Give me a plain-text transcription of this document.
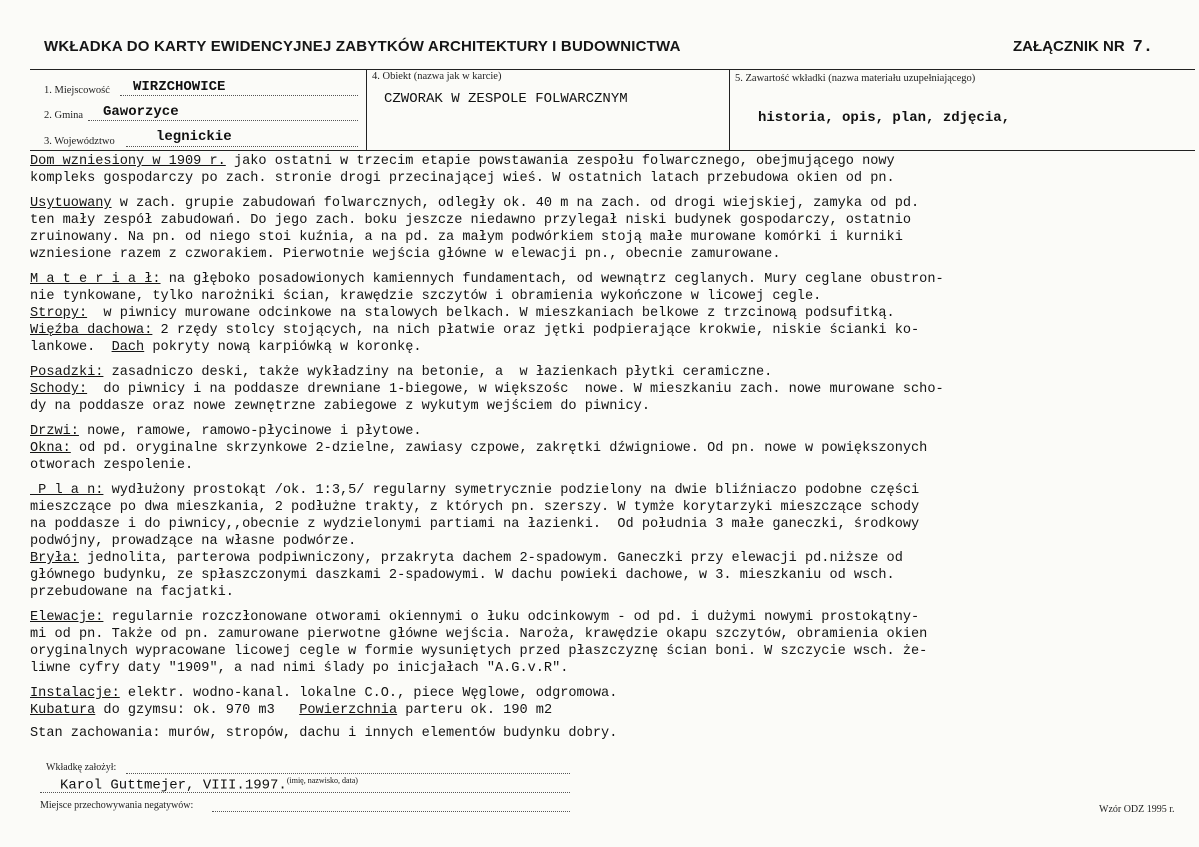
WKŁADKA DO KARTY EWIDENCYJNEJ ZABYTKÓW ARCHITEKTURY I BUDOWNICTWA	ZAŁĄCZNIK NR 7.
1. Miejscowość WIRZCHOWICE
2. Gmina Gaworzyce
3. Województwo	legnickie
4. Obiekt (nazwa jak w karcie)
CZWORAK W ZESPOLE FOLWARCZNYM
5. Zawartość wkładki (nazwa materiału uzupełniającego)
historia, opis, plan, zdjęcia,

Dom wzniesiony w 1909 r. jako ostatni w trzecim etapie powstawania zespołu folwarcznego, obejmującego nowy

kompleks gospodarczy po zach. stronie drogi przecinającej wieś. W ostatnich latach przebudowa okien od pn.

Usytuowany w zach. grupie zabudowań folwarcznych, odległy ok. 40 m na zach. od drogi wiejskiej, zamyka od pd.

ten mały zespół zabudowań. Do jego zach. boku jeszcze niedawno przylegał niski budynek gospodarczy, ostatnio

zruinowany. Na pn. od niego stoi kuźnia, a na pd. za małym podwórkiem stoją małe murowane komórki i kurniki

wzniesione razem z czworakiem. Pierwotnie wejścia główne w elewacji pn., obecnie zamurowane.

M a t e r i a ł: na głęboko posadowionych kamiennych fundamentach, od wewnątrz ceglanych. Mury ceglane obustron-

nie tynkowane, tylko narożniki ścian, krawędzie szczytów i obramienia wykończone w licowej cegle.

Stropy:  w piwnicy murowane odcinkowe na stalowych belkach. W mieszkaniach belkowe z trzcinową podsufitką.

Więźba dachowa: 2 rzędy stolcy stojących, na nich płatwie oraz jętki podpierające krokwie, niskie ścianki ko-

lankowe.  Dach pokryty nową karpiówką w koronkę.

Posadzki: zasadniczo deski, także wykładziny na betonie, a  w łazienkach płytki ceramiczne.

Schody:  do piwnicy i na poddasze drewniane 1-biegowe, w większośc  nowe. W mieszkaniu zach. nowe murowane scho-

dy na poddasze oraz nowe zewnętrzne zabiegowe z wykutym wejściem do piwnicy.

Drzwi: nowe, ramowe, ramowo-płycinowe i płytowe.

Okna: od pd. oryginalne skrzynkowe 2-dzielne, zawiasy czpowe, zakrętki dźwigniowe. Od pn. nowe w powiększonych

otworach zespolenie.

P l a n: wydłużony prostokąt /ok. 1:3,5/ regularny symetrycznie podzielony na dwie bliźniaczo podobne części

mieszczące po dwa mieszkania, 2 podłużne trakty, z których pn. szerszy. W tymże korytarzyki mieszczące schody

na poddasze i do piwnicy,,obecnie z wydzielonymi partiami na łazienki.  Od południa 3 małe ganeczki, środkowy

podwójny, prowadzące na własne podwórze.

Bryła: jednolita, parterowa podpiwniczony, przakryta dachem 2-spadowym. Ganeczki przy elewacji pd.niższe od

głównego budynku, ze spłaszczonymi daszkami 2-spadowymi. W dachu powieki dachowe, w 3. mieszkaniu od wsch.

przebudowane na facjatki.

Elewacje: regularnie rozczłonowane otworami okiennymi o łuku odcinkowym - od pd. i dużymi nowymi prostokątny-

mi od pn. Także od pn. zamurowane pierwotne główne wejścia. Naroża, krawędzie okapu szczytów, obramienia okien

oryginalnych wypracowane licowej cegle w formie wysuniętych przed płaszczyznę ścian boni. W szczycie wsch. że-

liwne cyfry daty "1909", a nad nimi ślady po inicjałach "A.G.v.R".

Instalacje: elektr. wodno-kanal. lokalne C.O., piece Węglowe, odgromowa.

Kubatura do gzymsu: ok. 970 m3   Powierzchnia parteru ok. 190 m2

Stan zachowania: murów, stropów, dachu i innych elementów budynku dobry.

Wkładkę założył:
Karol Guttmejer, VIII.1997.$^{(imię, nazwisko, data)}$
Miejsce przechowywania negatywów:	Wzór ODZ 1995 r.
